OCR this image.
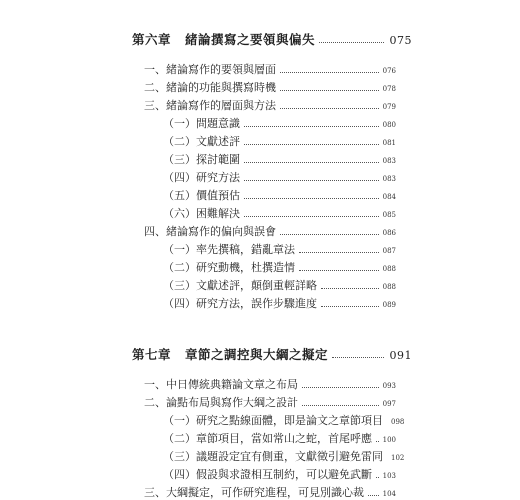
第六章 緒論撰寫之要領與偏失	075
一、緒論寫作的要領與層面	076
二、緒論的功能與撰寫時機	078
三、緒論寫作的層面與方法	079
（一）問題意識	080
（二）文獻述評	081
（三）探討範圍	083
（四）研究方法	083
（五）價值預估	084
（六）困難解決	085
四、緒論寫作的偏向與誤會	086
（一）率先撰稿，錯亂章法	087
（二）研究動機，杜撰造情	088
（三）文獻述評，顛倒重輕詳略	088
（四）研究方法，誤作步驟進度	089
第七章 章節之調控與大綱之擬定	091
一、中日傳統典籍論文章之布局	093
二、論點布局與寫作大綱之設計	097
（一）研究之點線面體，即是論文之章節項目 098
（二）章節項目，當如常山之蛇，首尾呼應 100
（三）議題設定宜有側重，文獻徵引避免雷同 102
（四）假設與求證相互制約，可以避免武斷 103
三、大綱擬定，可作研究進程，可見別識心裁	104
